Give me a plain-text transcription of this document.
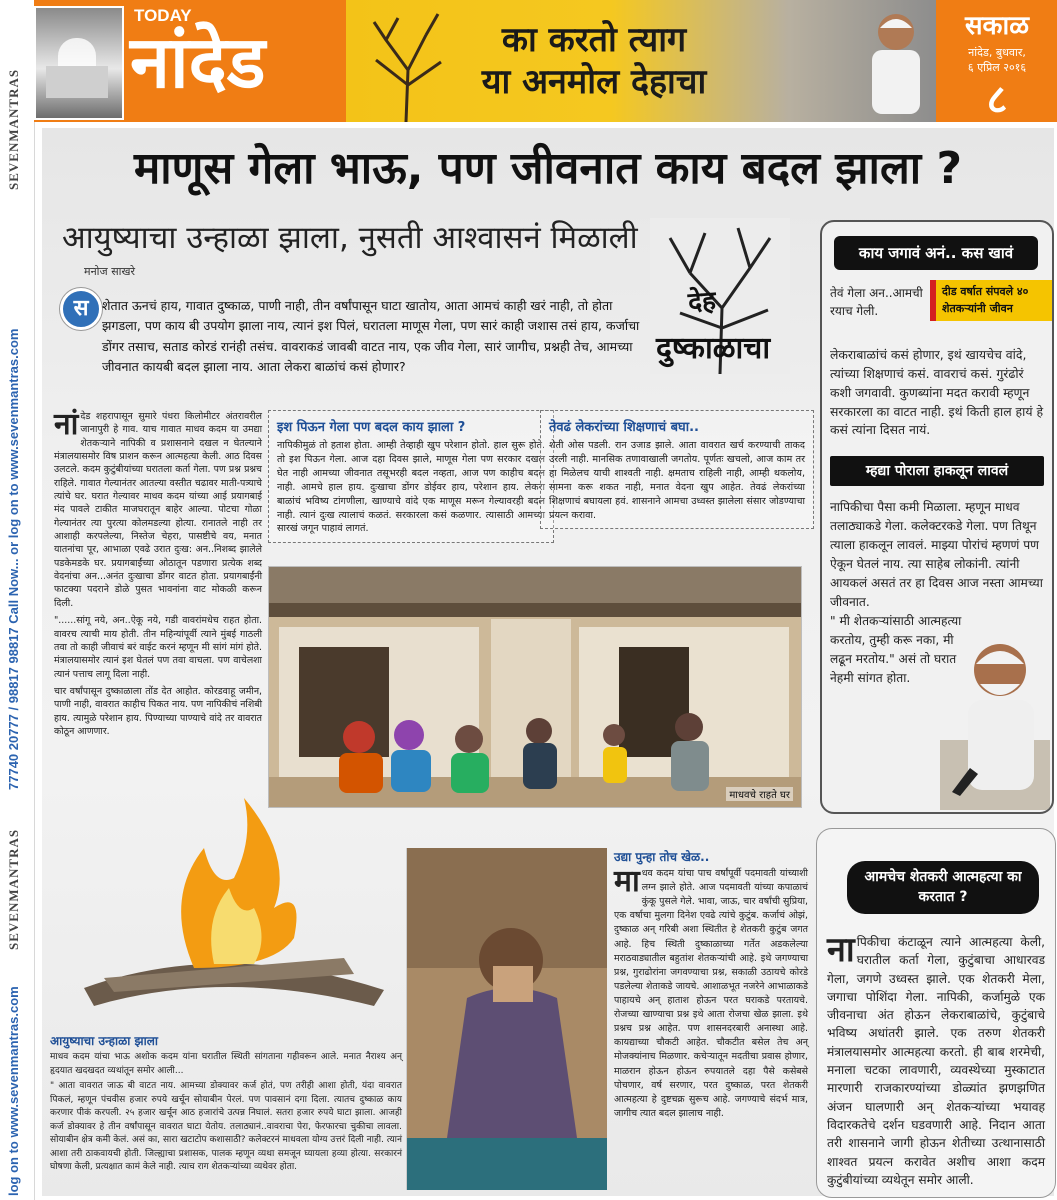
SEVENMANTRAS
77740 20777 / 98817 98817 Call Now... or log on to www.sevenmantras.com
SEVENMANTRAS
log on to www.sevenmantras.com
TODAY
नांदेड	का करतो त्याग
या अनमोल देहाचा
सकाळ
नांदेड, बुधवार,
६ एप्रिल २०१६
८
माणूस गेला भाऊ, पण जीवनात काय बदल झाला ?
आयुष्याचा उन्हाळा झाला, नुसती आश्वासनं मिळाली
मनोज साखरे
स	शेतात ऊनचं हाय, गावात दुष्काळ, पाणी नाही, तीन वर्षांपासून घाटा खातोय, आता आमचं काही खरं नाही, तो होता झगडला, पण काय बी उपयोग झाला नाय, त्यानं इश पिलं, घरातला माणूस गेला, पण सारं काही जशास तसं हाय, कर्जाचा डोंगर तसाच, सताड कोरडं रानंही तसंच. वावराकडं जावबी वाटत नाय, एक जीव गेला, सारं जागीच, प्रश्नही तेच, आमच्या जीवनात कायबी बदल झाला नाय. आता लेकरा बाळांचं कसं होणार?
देह
दुष्काळाचा

नांदेड शहरापासून सुमारे पंधरा किलोमीटर अंतरावरील जानापुरी हे गाव. याच गावात माधव कदम या उमद्या शेतकऱ्याने नापिकी व प्रशासनाने दखल न घेतल्याने मंत्रालयासमोर विष प्राशन करून आत्महत्या केली. आठ दिवस उलटले. कदम कुटुंबीयांच्या घरातला कर्ता गेला. पण प्रश्न प्रश्नच राहिले. गावात गेल्यानंतर आतल्या वस्तीत चढावर माती-पत्र्याचे त्यांचे घर. घरात गेल्यावर माधव कदम यांच्या आई प्रयागबाई मंद पावले टाकीत माजघरातून बाहेर आल्या. पोटचा गोळा गेल्यानंतर त्या पुरत्या कोलमडल्या होत्या. रानातले नाही तर आशाही करपलेल्या, निस्तेज चेहरा, पासष्टीचे वय, मनात यातनांचा पूर, आभाळा एवढे उरात दुःख: अन..निशब्द झालेले पडकेमडके घर. प्रयागबाईंच्या ओठातून पडणारा प्रत्येक शब्द वेदनांचा अन...अनंत दुःखाचा डोंगर वाटत होता. प्रयागबाईंनी फाटक्या पदराने डोळे पुसत भावनांना वाट मोकळी करून दिली.

"......सांगू नये, अन..ऐकू नये, गडी वावरांमधेच राहत होता. वावरच त्याची माय होती. तीन महिन्यांपूर्वी त्याने मुंबई गाठली तवा तो काही जीवाचं बरं वाईट करनं म्हणून मी सांगं मांगं होते. मंत्रालयासमोर त्यानं इश घेतलं पण तवा वाचला. पण वाचेलशा त्यानं पत्ताच लागू दिला नाही.

चार वर्षांपासून दुष्काळाला तोंड देत आहोत. कोरडवाहू जमीन, पाणी नाही, वावरात काहीच पिकत नाय. पण नापिकीचं नशिबी हाय. त्यामुळे परेशान हाय. पिण्याच्या पाण्याचे वांदे तर वावरात कोठून आणणार.

इश पिऊन गेला पण बदल काय झाला ?
नापिकीमुळं तो हताश होता. आम्ही तेव्हाही खुप परेशान होतो. हाल सुरू होते. तो इश पिऊन गेला. आज दहा दिवस झाले, माणूस गेला पण सरकार दखल घेत नाही आमच्या जीवनात तसूभरही बदल नव्हता, आज पण काहीच बदल नाही. आमचे हाल हाय. दुःखाचा डोंगर डोईवर हाय, परेशान हाय. लेकरा बाळांचं भविष्य टांगणीला, खाण्याचे वांदे एक माणूस मरून गेल्यावरही बदल नाही. त्यानं दुःख त्यालाचं कळतं. सरकारला कसं कळणार. त्यासाठी आमच्या सारखं जगून पाहावं लागतं.
तेवढं लेकरांच्या शिक्षणाचं बघा..
शेती ओस पडली. रान उजाड झाले. आता वावरात खर्च करण्याची ताकद उरली नाही. मानसिक तणावाखाली जगतोय. पूर्णतः खचलो, आज काम तर हा मिळेलच याची शाश्वती नाही. क्षमताच राहिली नाही, आम्ही थकलोय, सामना करू शकत नाही, मनात वेदना खुप आहेत. तेवढं लेकरांच्या शिक्षणाचं बघायला हवं. शासनाने आमचा उध्वस्त झालेला संसार जोडण्याचा प्रयत्न करावा.
माधवचे राहते घर
उद्या पुन्हा तोच खेळ..
माधव कदम यांचा पाच वर्षांपूर्वी पदमावती यांच्याशी लग्न झाले होते. आज पदमावती यांच्या कपाळाचं कुंकू पुसले गेले. भावा, जाऊ, चार वर्षांची सुप्रिया, एक वर्षाचा मुलगा दिनेश एवढे त्यांचे कुटुंब. कर्जाचं ओझं, दुष्काळ अन् गरिबी अशा स्थितीत हे शेतकरी कुटुंब जगत आहे. हिच स्थिती दुष्काळाच्या गर्तेत अडकलेल्या मराठवाड्यातील बहुतांश शेतकऱ्यांची आहे. इथे जगण्याचा प्रश्न, गुराढोरांना जगवण्याचा प्रश्न, सकाळी उठायचे कोरडे पडलेल्या शेताकडे जायचे. आशाळभूत नजरेने आभाळाकडे पाहायचे अन् हाताश होऊन परत घराकडे परतायचे. रोजच्या खाण्याचा प्रश्न इथे आता रोजचा खेळ झाला. इथे प्रश्नच प्रश्न आहेत. पण शासनदरबारी अनास्था आहे. कायद्याच्या चौकटी आहेत. चौकटीत बसेल तेच अन् मोजक्यांनाच मिळणार. कचेऱ्यातून मदतीचा प्रवास होणार, माळरान होऊन होऊन रुपयातले दहा पैसे कसेबसे पोचणार, वर्ष सरणार, परत दुष्काळ, परत शेतकरी आत्महत्या हे दुष्टचक्र सुरूच आहे. जगण्याचे संदर्भ मात्र, जागीच त्यात बदल झालाच नाही.
आयुष्याचा उन्हाळा झाला

माधव कदम यांचा भाऊ अशोक कदम यांना घरातील स्थिती सांगताना गहीवरून आले. मनात नैराश्य अन् हृदयात खदखदत व्यथांतून समोर आली...

" आता वावरात जाऊ बी वाटत नाय. आमच्या डोक्यावर कर्ज होतं, पण तरीही आशा होती, यंदा वावरात पिकलं, म्हणून पंचवीस हजार रुपये खर्चून सोयाबीन पेरलं. पण पावसानं दगा दिला. त्यातच दुष्काळ काय करणार पीकं करपली. २५ हजार खर्चून आठ हजारांचे उत्पन्न निघालं. सतरा हजार रुपये घाटा झाला. आजही कर्ज डोक्यावर हे तीन वर्षांपासून वावरात घाटा येतोय. तलाठ्यानं..वावराचा पेरा, फेरफारचा चुकीचा लावला. सोयाबीन क्षेत्र कमी केलं. असं का, सारा खटाटोप कशासाठी? कलेक्टरनं माधवला योग्य उत्तरं दिली नाही. त्यानं आशा तरी ठाकवायची होती. जिल्ह्याचा प्रशासक, पालक म्हणून व्यथा समजून घ्यायला हव्या होत्या. सरकारनं घोषणा केली, प्रत्यक्षात कामं केले नाही. त्याच राग शेतकऱ्यांच्या व्यथेवर होता.

काय जगावं अनं.. कस खावं
तेवं गेला अन..आमची रयाच गेली.
दीड वर्षात संपवले ४० शेतकऱ्यांनी जीवन
लेकराबाळांचं कसं होणार, इथं खायचेच वांदे, त्यांच्या शिक्षणाचं कसं. वावराचं कसं. गुरंढोरं कशी जगवावी. कुणब्यांना मदत करावी म्हणून सरकारला का वाटत नाही. इथं किती हाल हायं हे कसं त्यांना दिसत नायं.
म्हद्या पोराला हाकलून लावलं
नापिकीचा पैसा कमी मिळाला. म्हणून माधव तलाठ्याकडे गेला. कलेक्टरकडे गेला. पण तिथून त्याला हाकलून लावलं. माझ्या पोरांचं म्हणणं पण ऐकून घेतलं नाय. त्या साहेब लोकांनी. त्यांनी आयकलं असतं तर हा दिवस आज नस्ता आमच्या जीवनात.
" मी शेतकऱ्यांसाठी आत्महत्या करतोय, तुम्ही करू नका, मी लढून मरतोय." असं तो घरात नेहमी सांगत होता.
आमचेच शेतकरी आत्महत्या का करतात ?
नापिकीचा कंटाळून त्याने आत्महत्या केली, घरातील कर्ता गेला, कुटुंबाचा आधारवड गेला, जगणे उध्वस्त झाले. एक शेतकरी मेला, जगाचा पोशिंदा गेला. नापिकी, कर्जामुळे एक जीवनाचा अंत होऊन लेकराबाळांचे, कुटुंबाचे भविष्य अधांतरी झाले. एक तरुण शेतकरी मंत्रालयासमोर आत्महत्या करतो. ही बाब शरमेची, मनाला चटका लावणारी, व्यवस्थेच्या मुस्काटात मारणारी राजकारण्यांच्या डोळ्यांत झणझणित अंजन घालणारी अन् शेतकऱ्यांच्या भयावह विदारकतेचे दर्शन घडवणारी आहे. निदान आता तरी शासनाने जागी होऊन शेतीच्या उत्थानासाठी शाश्वत प्रयत्न करावेत अशीच आशा कदम कुटुंबीयांच्या व्यथेतून समोर आली.
